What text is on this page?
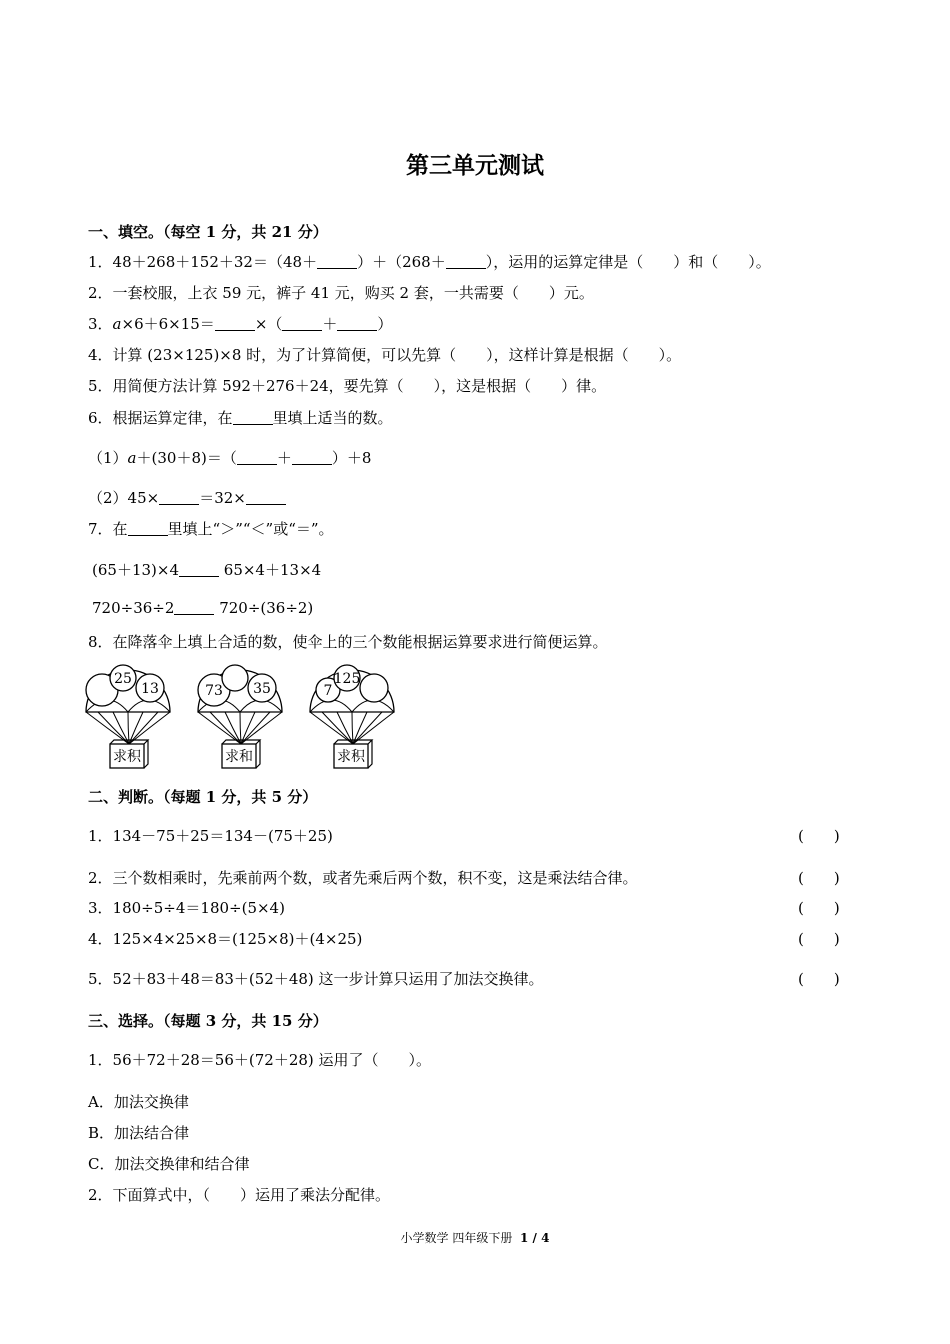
第三单元测试
一、填空。（每空 1 分，共 21 分）
1．48＋268＋152＋32＝（48＋	）＋（268＋	），运用的运算定律是（　　）和（　　）。
2．一套校服，上衣 59 元，裤子 41 元，购买 2 套，一共需要（　　）元。
3．a×6＋6×15＝	×（	＋	）
4．计算 (23×125)×8 时，为了计算简便，可以先算（　　），这样计算是根据（　　）。
5．用简便方法计算 592＋276＋24，要先算（　　），这是根据（　　）律。
6．根据运算定律，在	里填上适当的数。
（1）a＋(30＋8)＝（	＋	）＋8
（2）45×	＝32×
7．在	里填上“＞”“＜”或“＝”。
(65＋13)×4	65×4＋13×4
720÷36÷2	720÷(36÷2)
8．在降落伞上填上合适的数，使伞上的三个数能根据运算要求进行简便运算。
25
13
求积
73 35
求和
7
125
求积
二、判断。（每题 1 分，共 5 分）
1．134－75＋25＝134－(75＋25)	(　　)
2．三个数相乘时，先乘前两个数，或者先乘后两个数，积不变，这是乘法结合律。	(　　)
3．180÷5÷4＝180÷(5×4)	(　　)
4．125×4×25×8＝(125×8)＋(4×25)	(　　)
5．52＋83＋48＝83＋(52＋48) 这一步计算只运用了加法交换律。	(　　)
三、选择。（每题 3 分，共 15 分）
1．56＋72＋28＝56＋(72＋28) 运用了（　　）。
A．加法交换律
B．加法结合律
C．加法交换律和结合律
2．下面算式中，（　　）运用了乘法分配律。
小学数学 四年级下册 1 / 4
